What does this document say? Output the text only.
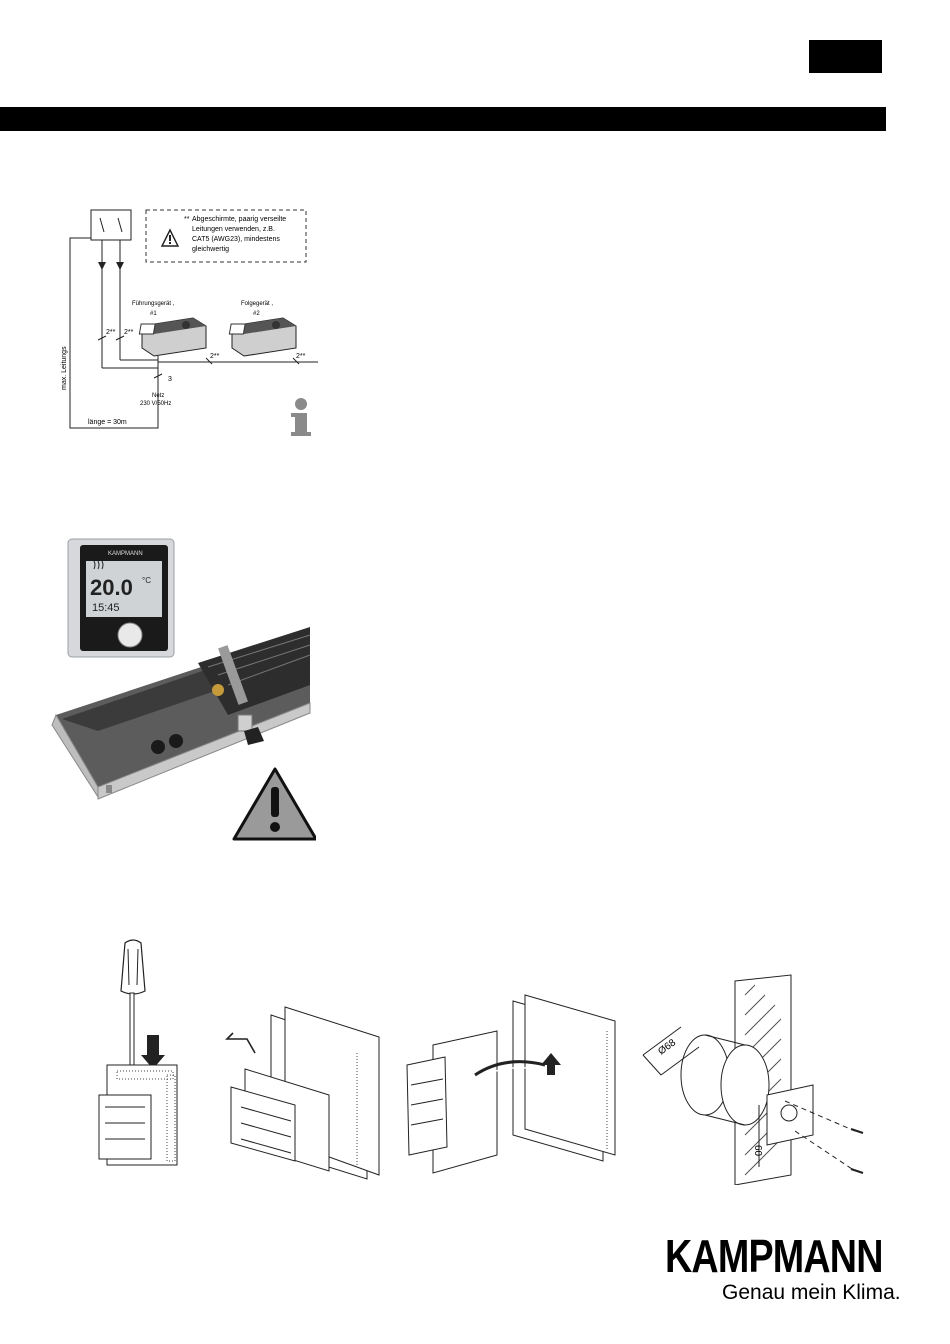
2** 2**
2**	2**
Führungsgerät ,
#1
Folgegerät ,
#2
3
Netz
230 V/50Hz
max. Leitungs
länge = 30m
** Abgeschirmte, paarig verseilte
Leitungen verwenden, z.B.
CAT5 (AWG23), mindestens
gleichwertig
KAMPMANN
20.0 °C
15:45
Ø68
60
KAMPMANN
Genau mein Klima.
